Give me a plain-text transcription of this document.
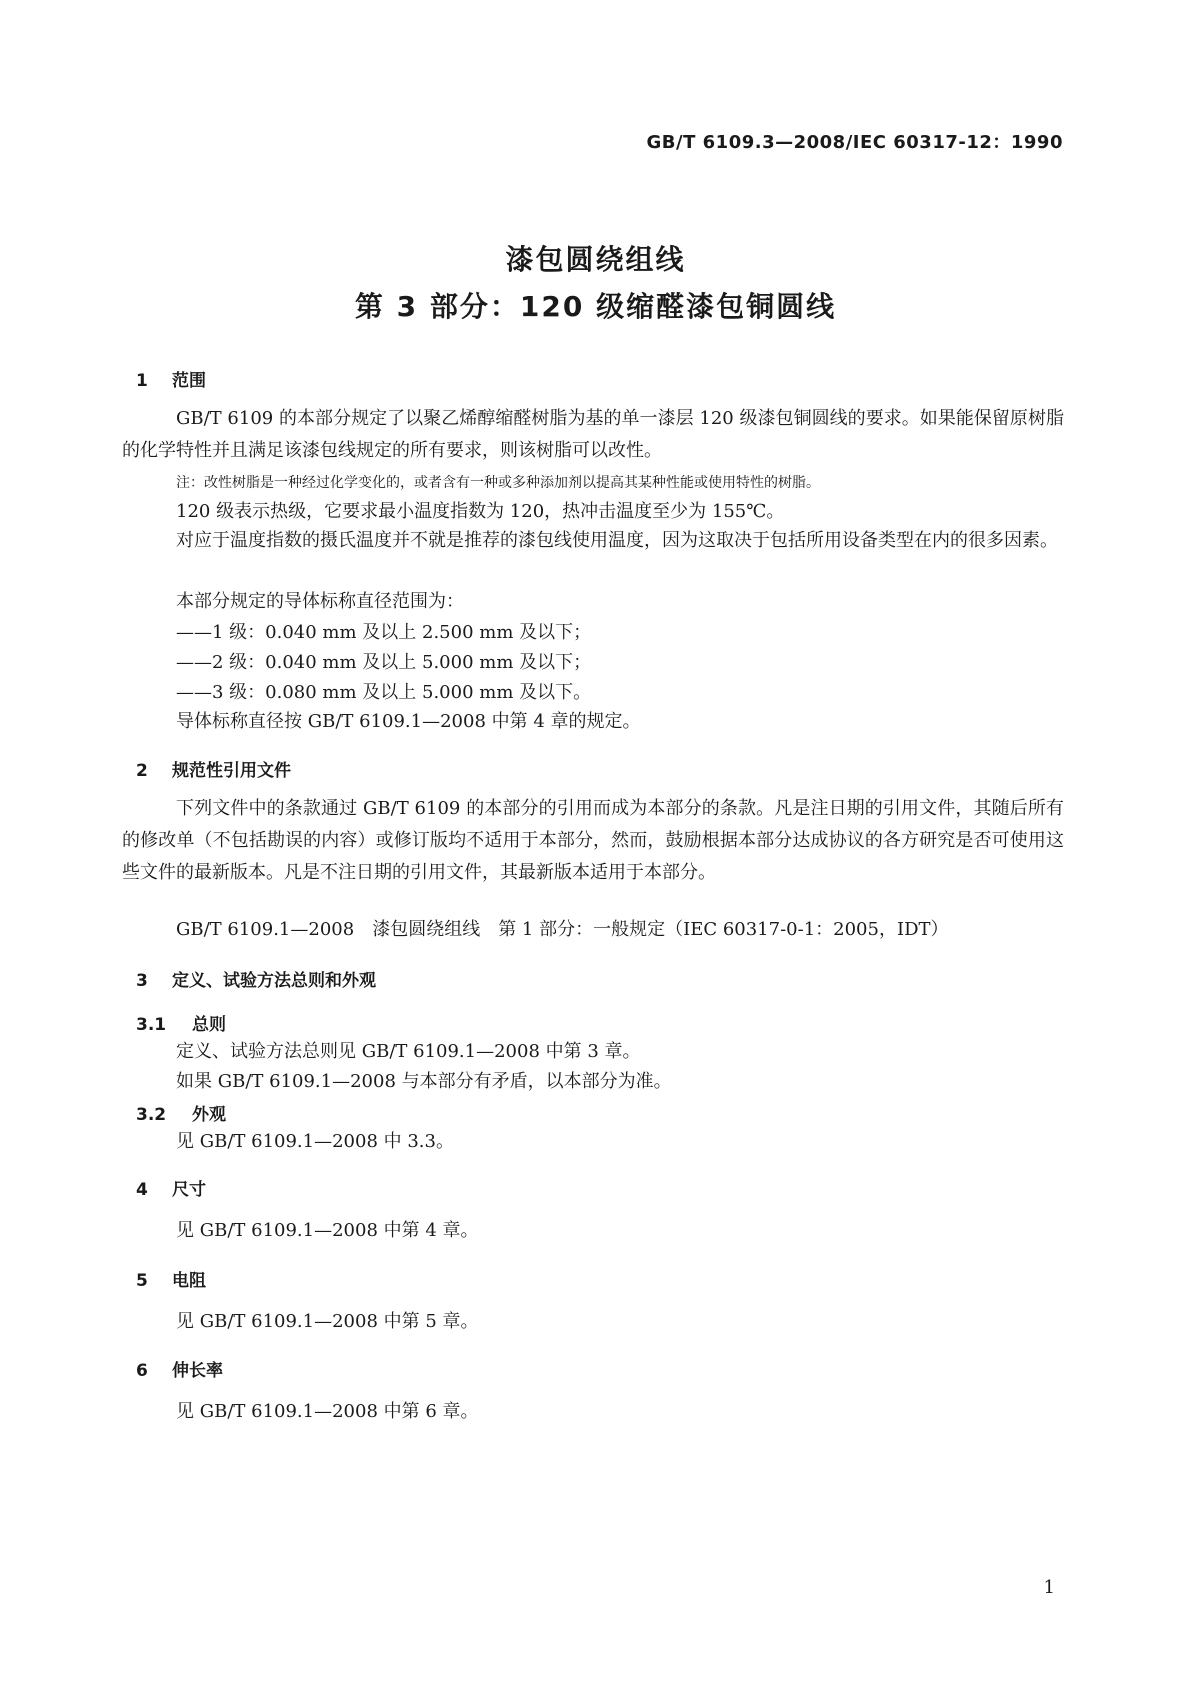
GB/T 6109.3—2008/IEC 60317-12：1990
漆包圆绕组线
第 3 部分：120 级缩醛漆包铜圆线
1 范围
GB/T 6109 的本部分规定了以聚乙烯醇缩醛树脂为基的单一漆层 120 级漆包铜圆线的要求。如果能保留原树脂的化学特性并且满足该漆包线规定的所有要求，则该树脂可以改性。
注：改性树脂是一种经过化学变化的，或者含有一种或多种添加剂以提高其某种性能或使用特性的树脂。
120 级表示热级，它要求最小温度指数为 120，热冲击温度至少为 155℃。
对应于温度指数的摄氏温度并不就是推荐的漆包线使用温度，因为这取决于包括所用设备类型在内的很多因素。
本部分规定的导体标称直径范围为：
——1 级：0.040 mm 及以上 2.500 mm 及以下；
——2 级：0.040 mm 及以上 5.000 mm 及以下；
——3 级：0.080 mm 及以上 5.000 mm 及以下。
导体标称直径按 GB/T 6109.1—2008 中第 4 章的规定。
2 规范性引用文件
下列文件中的条款通过 GB/T 6109 的本部分的引用而成为本部分的条款。凡是注日期的引用文件，其随后所有的修改单（不包括勘误的内容）或修订版均不适用于本部分，然而，鼓励根据本部分达成协议的各方研究是否可使用这些文件的最新版本。凡是不注日期的引用文件，其最新版本适用于本部分。
GB/T 6109.1—2008　漆包圆绕组线　第 1 部分：一般规定（IEC 60317-0-1：2005，IDT）
3 定义、试验方法总则和外观
3.1 总则
定义、试验方法总则见 GB/T 6109.1—2008 中第 3 章。
如果 GB/T 6109.1—2008 与本部分有矛盾，以本部分为准。
3.2 外观
见 GB/T 6109.1—2008 中 3.3。
4 尺寸
见 GB/T 6109.1—2008 中第 4 章。
5 电阻
见 GB/T 6109.1—2008 中第 5 章。
6 伸长率
见 GB/T 6109.1—2008 中第 6 章。
1
